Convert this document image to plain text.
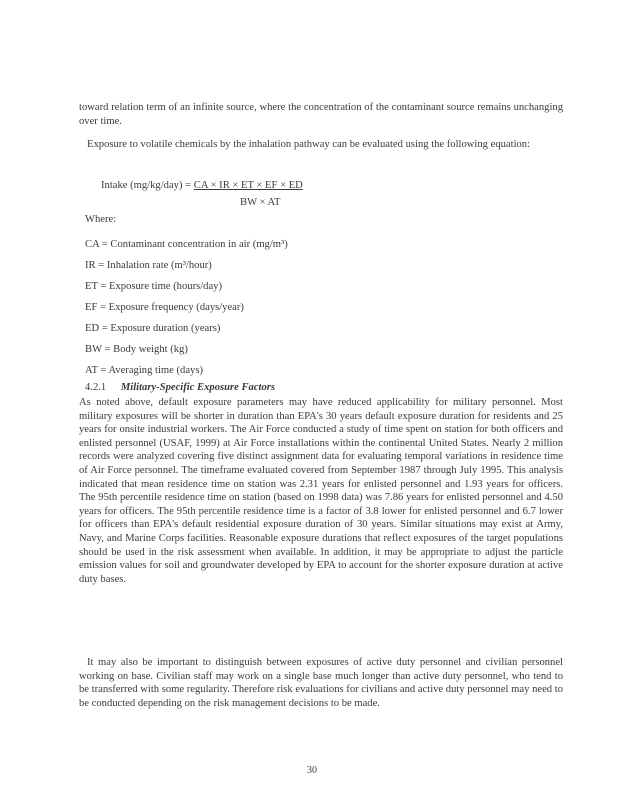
toward relation term of an infinite source, where the concentration of the contaminant source remains unchanging over time.

Exposure to volatile chemicals by the inhalation pathway can be evaluated using the following equation:

Intake (mg/kg/day) = CA × IR × ET × EF × ED
BW × AT
Where:
CA = Contaminant concentration in air (mg/m³)
IR = Inhalation rate (m³/hour)
ET = Exposure time (hours/day)
EF = Exposure frequency (days/year)
ED = Exposure duration (years)
BW = Body weight (kg)
AT = Averaging time (days)
4.2.1 Military-Specific Exposure Factors

As noted above, default exposure parameters may have reduced applicability for military personnel. Most military exposures will be shorter in duration than EPA's 30 years default exposure duration for residents and 25 years for onsite industrial workers. The Air Force conducted a study of time spent on station for both officers and enlisted personnel (USAF, 1999) at Air Force installations within the continental United States. Nearly 2 million records were analyzed covering five distinct assignment data for evaluating temporal variations in residence time of Air Force personnel. The timeframe evaluated covered from September 1987 through July 1995. This analysis indicated that mean residence time on station was 2.31 years for enlisted personnel and 1.93 years for officers. The 95th percentile residence time on station (based on 1998 data) was 7.86 years for enlisted personnel and 4.50 years for officers. The 95th percentile residence time is a factor of 3.8 lower for enlisted personnel and 6.7 lower for officers than EPA's default residential exposure duration of 30 years. Similar situations may exist at Army, Navy, and Marine Corps facilities. Reasonable exposure durations that reflect exposures of the target populations should be used in the risk assessment when available. In addition, it may be appropriate to adjust the particle emission values for soil and groundwater developed by EPA to account for the shorter exposure duration at active duty bases.

It may also be important to distinguish between exposures of active duty personnel and civilian personnel working on base. Civilian staff may work on a single base much longer than active duty personnel, who tend to be transferred with some regularity. Therefore risk evaluations for civilians and active duty personnel may need to be conducted depending on the risk management decisions to be made.

30
